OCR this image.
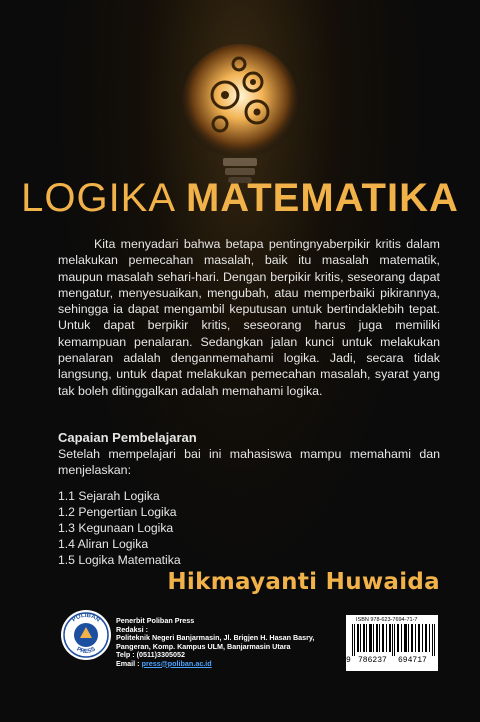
LOGIKA MATEMATIKA

Kita menyadari bahwa betapa pentingnyaberpikir kritis dalam melakukan pemecahan masalah, baik itu masalah matematik, maupun masalah sehari-hari. Dengan berpikir kritis, seseorang dapat mengatur, menyesuaikan, mengubah, atau memperbaiki pikirannya, sehingga ia dapat mengambil keputusan untuk bertindaklebih tepat. Untuk dapat berpikir kritis, seseorang harus juga memiliki kemampuan penalaran. Sedangkan jalan kunci untuk melakukan penalaran adalah denganmemahami logika. Jadi, secara tidak langsung, untuk dapat melakukan pemecahan masalah, syarat yang tak boleh ditinggalkan adalah memahami logika.

Capaian Pembelajaran
Setelah mempelajari bai ini mahasiswa mampu memahami dan menjelaskan:
1.1 Sejarah Logika
1.2 Pengertian Logika
1.3 Kegunaan Logika
1.4 Aliran Logika
1.5 Logika Matematika
Hikmayanti Huwaida
POLIBAN
PRESS
Penerbit Poliban Press
Redaksi :
Politeknik Negeri Banjarmasin, Jl. Brigjen H. Hasan Basry,
Pangeran, Komp. Kampus ULM, Banjarmasin Utara
Telp : (0511)3305052
Email : press@poliban.ac.id
ISBN 978-623-7694-71-7
9 786237 694717
